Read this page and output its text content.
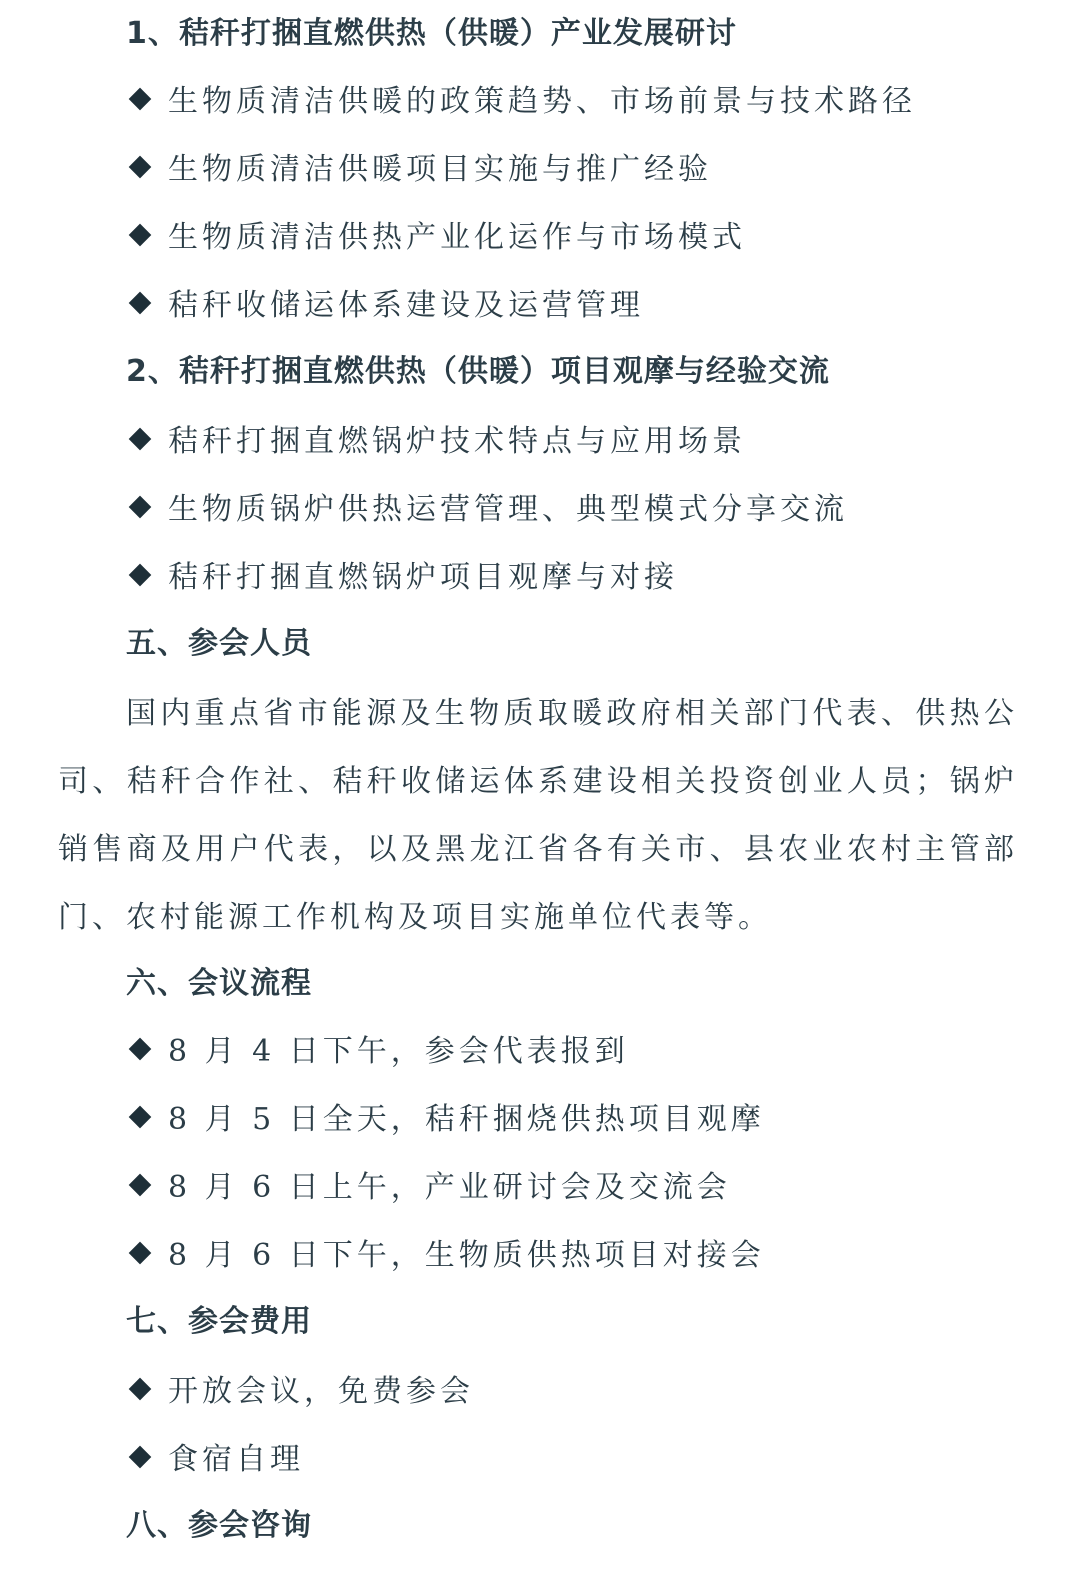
1、秸秆打捆直燃供热（供暖）产业发展研讨
生物质清洁供暖的政策趋势、市场前景与技术路径
生物质清洁供暖项目实施与推广经验
生物质清洁供热产业化运作与市场模式
秸秆收储运体系建设及运营管理
2、秸秆打捆直燃供热（供暖）项目观摩与经验交流
秸秆打捆直燃锅炉技术特点与应用场景
生物质锅炉供热运营管理、典型模式分享交流
秸秆打捆直燃锅炉项目观摩与对接
五、参会人员
国内重点省市能源及生物质取暖政府相关部门代表、供热公司、秸秆合作社、秸秆收储运体系建设相关投资创业人员；锅炉销售商及用户代表，以及黑龙江省各有关市、县农业农村主管部门、农村能源工作机构及项目实施单位代表等。
六、会议流程
8 月 4 日下午，参会代表报到
8 月 5 日全天，秸秆捆烧供热项目观摩
8 月 6 日上午，产业研讨会及交流会
8 月 6 日下午，生物质供热项目对接会
七、参会费用
开放会议，免费参会
食宿自理
八、参会咨询
